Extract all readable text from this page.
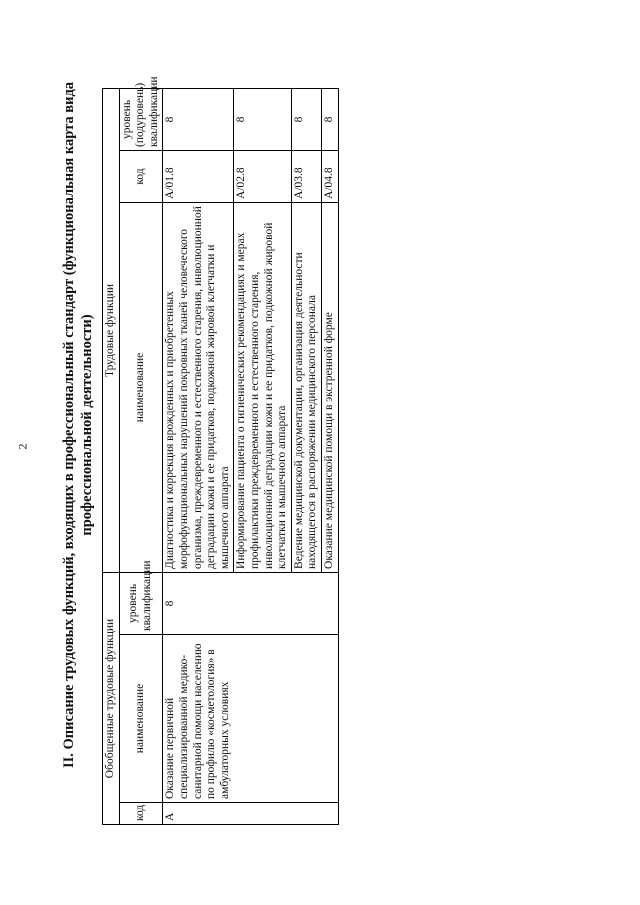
2 II. Описание трудовых функций, входящих в профессиональный стандарт (функциональная карта вида профессиональной деятельности)
Обобщенные трудовые функции			Трудовые функции			
код	наименование	уровень квалификации	наименование	код	уровень (подуровень) квалификации	
А	Оказание первичной специализированной медико-санитарной помощи населению по профилю «косметология» в амбулаторных условиях	8	Диагностика и коррекция врожденных и приобретенных морфофункциональных нарушений покровных тканей человеческого организма, преждевременного и естественного старения, инволюционной деградации кожи и ее придатков, подкожной жировой клетчатки и мышечного аппарата	A/01.8	8	
			Информирование пациента о гигиенических рекомендациях и мерах профилактики преждевременного и естественного старения, инволюционной деградации кожи и ее придатков, подкожной жировой клетчатки и мышечного аппарата	A/02.8	8	
			Ведение медицинской документации, организация деятельности находящегося в распоряжении медицинского персонала	A/03.8	8	
			Оказание медицинской помощи в экстренной форме	A/04.8	8	
